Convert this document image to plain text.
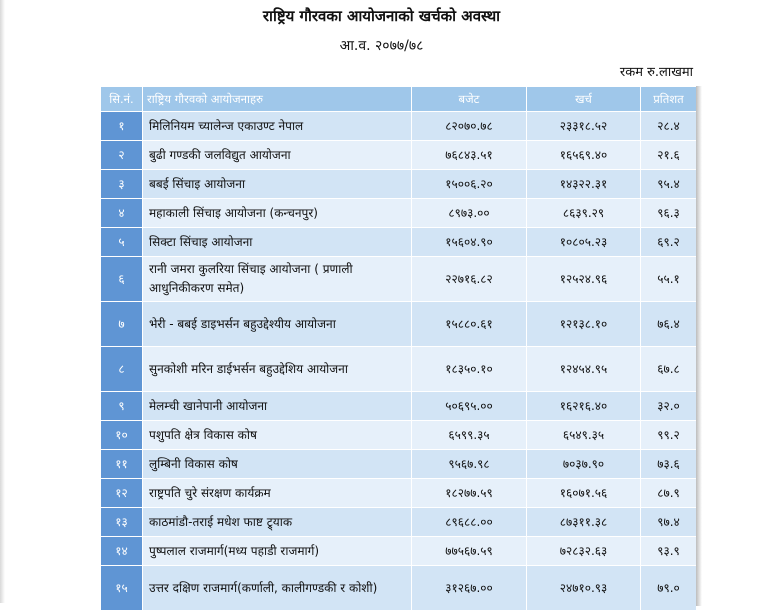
राष्ट्रिय गौरवका आयोजनाको खर्चको अवस्था
आ.व. २०७७/७८
रकम रु.लाखमा
सि.नं.	राष्ट्रिय गौरवको आयोजनाहरु	बजेट	खर्च	प्रतिशत
१	मिलिनियम च्यालेन्ज एकाउण्ट नेपाल	८२०७०.७८	२३३१८.५२	२८.४
२	बुढी गण्डकी जलविद्युत आयोजना	७६८४३.५१	१६५६९.४०	२१.६
३	बबई सिंचाइ आयोजना	१५००६.२०	१४३२२.३१	९५.४
४	महाकाली सिंचाइ आयोजना (कन्चनपुर)	८९७३.००	८६३९.२९	९६.३
५	सिक्टा सिंचाइ आयोजना	१५६०४.९०	१०८०५.२३	६९.२
६	रानी जमरा कुलरिया सिंचाइ आयोजना ( प्रणाली आधुनिकीकरण समेत)	२२७१६.८२	१२५२४.९६	५५.१
७	भेरी - बबई डाइभर्सन बहुउद्देश्यीय आयोजना	१५८८०.६१	१२१३८.१०	७६.४
८	सुनकोशी मरिन डाईभर्सन बहुउद्देशिय आयोजना	१८३५०.१०	१२४५४.९५	६७.८
९	मेलम्ची खानेपानी आयोजना	५०६९५.००	१६२१६.४०	३२.०
१०	पशुपति क्षेत्र विकास कोष	६५९९.३५	६५४९.३५	९९.२
११	लुम्बिनी विकास कोष	९५६७.९८	७०३७.९०	७३.६
१२	राष्ट्रपति चुरे संरक्षण कार्यक्रम	१८२७७.५९	१६०७१.५६	८७.९
१३	काठमांडौ-तराई मधेश फाष्ट ट्र्याक	८९६८८.००	८७३११.३८	९७.४
१४	पुष्पलाल राजमार्ग(मध्य पहाडी राजमार्ग)	७७५६७.५९	७२८३२.६३	९३.९
१५	उत्तर दक्षिण राजमार्ग(कर्णाली, कालीगण्डकी र कोशी)	३१२६७.००	२४७१०.९३	७९.०
